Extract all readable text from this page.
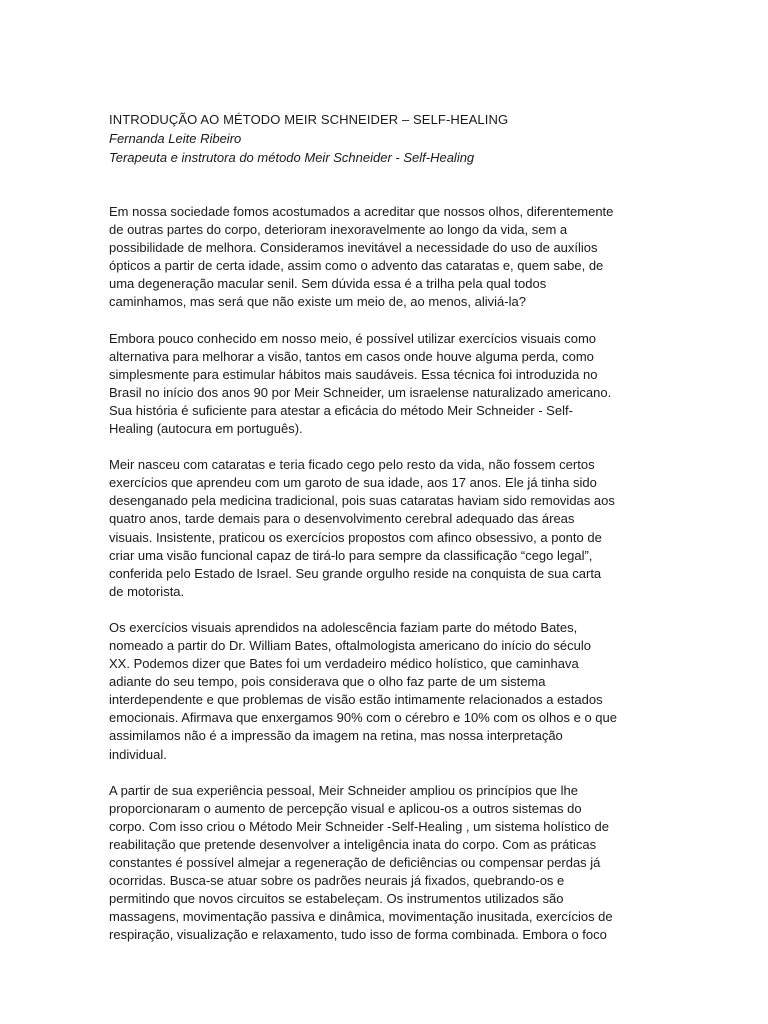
INTRODUÇÃO AO MÉTODO MEIR SCHNEIDER – SELF-HEALING
Fernanda Leite Ribeiro
Terapeuta e instrutora do método Meir Schneider - Self-Healing
Em nossa sociedade fomos acostumados a acreditar que nossos olhos, diferentemente
de outras partes do corpo, deterioram inexoravelmente ao longo da vida, sem a
possibilidade de melhora. Consideramos inevitável a necessidade do uso de auxílios
ópticos a partir de certa idade, assim como o advento das cataratas e, quem sabe, de
uma degeneração macular senil. Sem dúvida essa é a trilha pela qual todos
caminhamos, mas será que não existe um meio de, ao menos, aliviá-la?
Embora pouco conhecido em nosso meio, é possível utilizar exercícios visuais como
alternativa para melhorar a visão, tantos em casos onde houve alguma perda, como
simplesmente para estimular hábitos mais saudáveis. Essa técnica foi introduzida no
Brasil no início dos anos 90 por Meir Schneider, um israelense naturalizado americano.
Sua história é suficiente para atestar a eficácia do método Meir Schneider - Self-
Healing (autocura em português).
Meir nasceu com cataratas e teria ficado cego pelo resto da vida, não fossem certos
exercícios que aprendeu com um garoto de sua idade, aos 17 anos. Ele já tinha sido
desenganado pela medicina tradicional, pois suas cataratas haviam sido removidas aos
quatro anos, tarde demais para o desenvolvimento cerebral adequado das áreas
visuais. Insistente, praticou os exercícios propostos com afinco obsessivo, a ponto de
criar uma visão funcional capaz de tirá-lo para sempre da classificação “cego legal”,
conferida pelo Estado de Israel. Seu grande orgulho reside na conquista de sua carta
de motorista.
Os exercícios visuais aprendidos na adolescência faziam parte do método Bates,
nomeado a partir do Dr. William Bates, oftalmologista americano do início do século
XX. Podemos dizer que Bates foi um verdadeiro médico holístico, que caminhava
adiante do seu tempo, pois considerava que o olho faz parte de um sistema
interdependente e que problemas de visão estão intimamente relacionados a estados
emocionais. Afirmava que enxergamos 90% com o cérebro e 10% com os olhos e o que
assimilamos não é a impressão da imagem na retina, mas nossa interpretação
individual.
A partir de sua experiência pessoal, Meir Schneider ampliou os princípios que lhe
proporcionaram o aumento de percepção visual e aplicou-os a outros sistemas do
corpo. Com isso criou o Método Meir Schneider -Self-Healing , um sistema holístico de
reabilitação que pretende desenvolver a inteligência inata do corpo. Com as práticas
constantes é possível almejar a regeneração de deficiências ou compensar perdas já
ocorridas. Busca-se atuar sobre os padrões neurais já fixados, quebrando-os e
permitindo que novos circuitos se estabeleçam. Os instrumentos utilizados são
massagens, movimentação passiva e dinâmica, movimentação inusitada, exercícios de
respiração, visualização e relaxamento, tudo isso de forma combinada. Embora o foco
